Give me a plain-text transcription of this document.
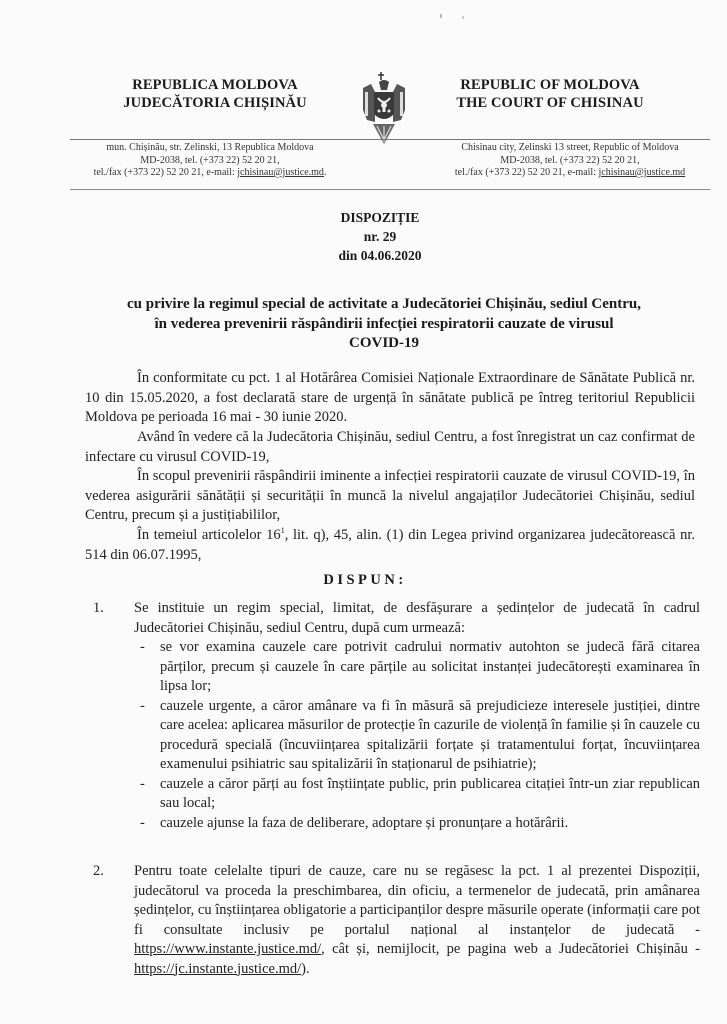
REPUBLICA MOLDOVA
JUDECĂTORIA CHIȘINĂU
REPUBLIC OF MOLDOVA
THE COURT OF CHISINAU
mun. Chișinău, str. Zelinski, 13 Republica Moldova
MD-2038, tel. (+373 22) 52 20 21,
tel./fax (+373 22) 52 20 21, e-mail: jchisinau@justice.md.
Chisinau city, Zelinski 13 street, Republic of Moldova
MD-2038, tel. (+373 22) 52 20 21,
tel./fax (+373 22) 52 20 21, e-mail: jchisinau@justice.md
DISPOZIȚIE
nr. 29
din 04.06.2020
cu privire la regimul special de activitate a Judecătoriei Chișinău, sediul Centru,
în vederea prevenirii răspândirii infecției respiratorii cauzate de virusul
COVID-19
În conformitate cu pct. 1 al Hotărârea Comisiei Naționale Extraordinare de Sănătate Publică nr. 10 din 15.05.2020, a fost declarată stare de urgență în sănătate publică pe întreg teritoriul Republicii Moldova pe perioada 16 mai - 30 iunie 2020.
Având în vedere că la Judecătoria Chișinău, sediul Centru, a fost înregistrat un caz confirmat de infectare cu virusul COVID-19,
În scopul prevenirii răspândirii iminente a infecției respiratorii cauzate de virusul COVID-19, în vederea asigurării sănătății și securității în muncă la nivelul angajaților Judecătoriei Chișinău, sediul Centru, precum și a justițiabililor,
În temeiul articolelor $16^1$, lit. q), 45, alin. (1) din Legea privind organizarea judecătorească nr. 514 din 06.07.1995,
DISPUN:
1. Se instituie un regim special, limitat, de desfășurare a ședințelor de judecată în cadrul Judecătoriei Chișinău, sediul Centru, după cum urmează:
- se vor examina cauzele care potrivit cadrului normativ autohton se judecă fără citarea părților, precum și cauzele în care părțile au solicitat instanței judecătorești examinarea în lipsa lor;
- cauzele urgente, a căror amânare va fi în măsură să prejudicieze interesele justiției, dintre care acelea: aplicarea măsurilor de protecție în cazurile de violență în familie și în cauzele cu procedură specială (încuviințarea spitalizării forțate și tratamentului forțat, încuviințarea examenului psihiatric sau spitalizării în staționarul de psihiatrie);
- cauzele a căror părți au fost înștiințate public, prin publicarea citației într-un ziar republican sau local;
- cauzele ajunse la faza de deliberare, adoptare și pronunțare a hotărârii.
2. Pentru toate celelalte tipuri de cauze, care nu se regăsesc la pct. 1 al prezentei Dispoziții, judecătorul va proceda la preschimbarea, din oficiu, a termenelor de judecată, prin amânarea ședințelor, cu înștiințarea obligatorie a participanților despre măsurile operate (informații care pot fi consultate inclusiv pe portalul național al instanțelor de judecată - https://www.instante.justice.md/, cât și, nemijlocit, pe pagina web a Judecătoriei Chișinău - https://jc.instante.justice.md/).
